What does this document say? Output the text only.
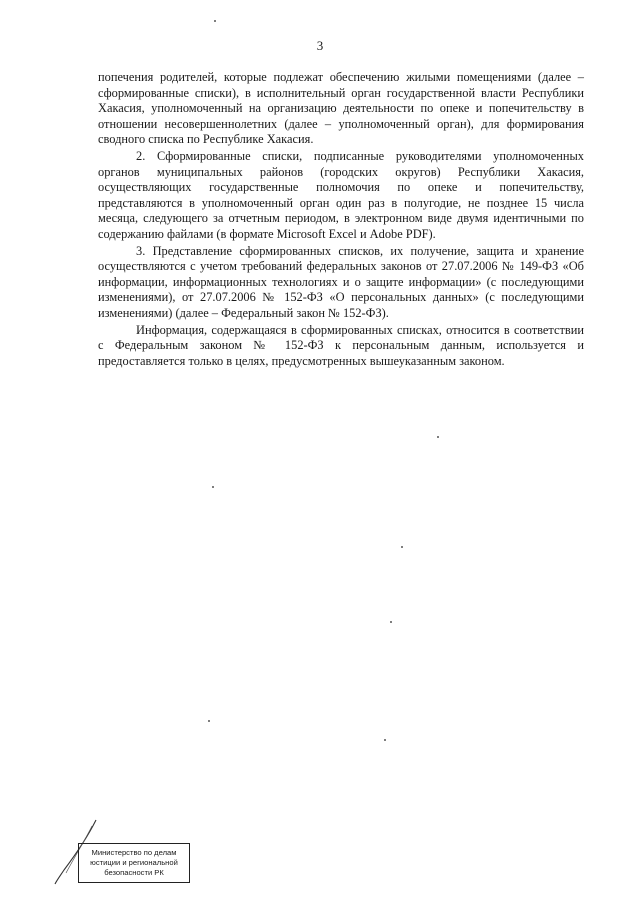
3

попечения родителей, которые подлежат обеспечению жилыми помещениями (далее – сформированные списки), в исполнительный орган государственной власти Республики Хакасия, уполномоченный на организацию деятельности по опеке и попечительству в отношении несовершеннолетних (далее – уполномоченный орган), для формирования сводного списка по Республике Хакасия.

2. Сформированные списки, подписанные руководителями уполномоченных органов муниципальных районов (городских округов) Республики Хакасия, осуществляющих государственные полномочия по опеке и попечительству, представляются в уполномоченный орган один раз в полугодие, не позднее 15 числа месяца, следующего за отчетным периодом, в электронном виде двумя идентичными по содержанию файлами (в формате Microsoft Excel и Adobe PDF).

3. Представление сформированных списков, их получение, защита и хранение осуществляются с учетом требований федеральных законов от 27.07.2006 № 149-ФЗ «Об информации, информационных технологиях и о защите информации» (с последующими изменениями), от 27.07.2006 № 152-ФЗ «О персональных данных» (с последующими изменениями) (далее – Федеральный закон № 152-ФЗ).

Информация, содержащаяся в сформированных списках, относится в соответствии с Федеральным законом № 152-ФЗ к персональным данным, используется и предоставляется только в целях, предусмотренных вышеуказанным законом.

Министерство по делам
юстиции и региональной
безопасности РК
